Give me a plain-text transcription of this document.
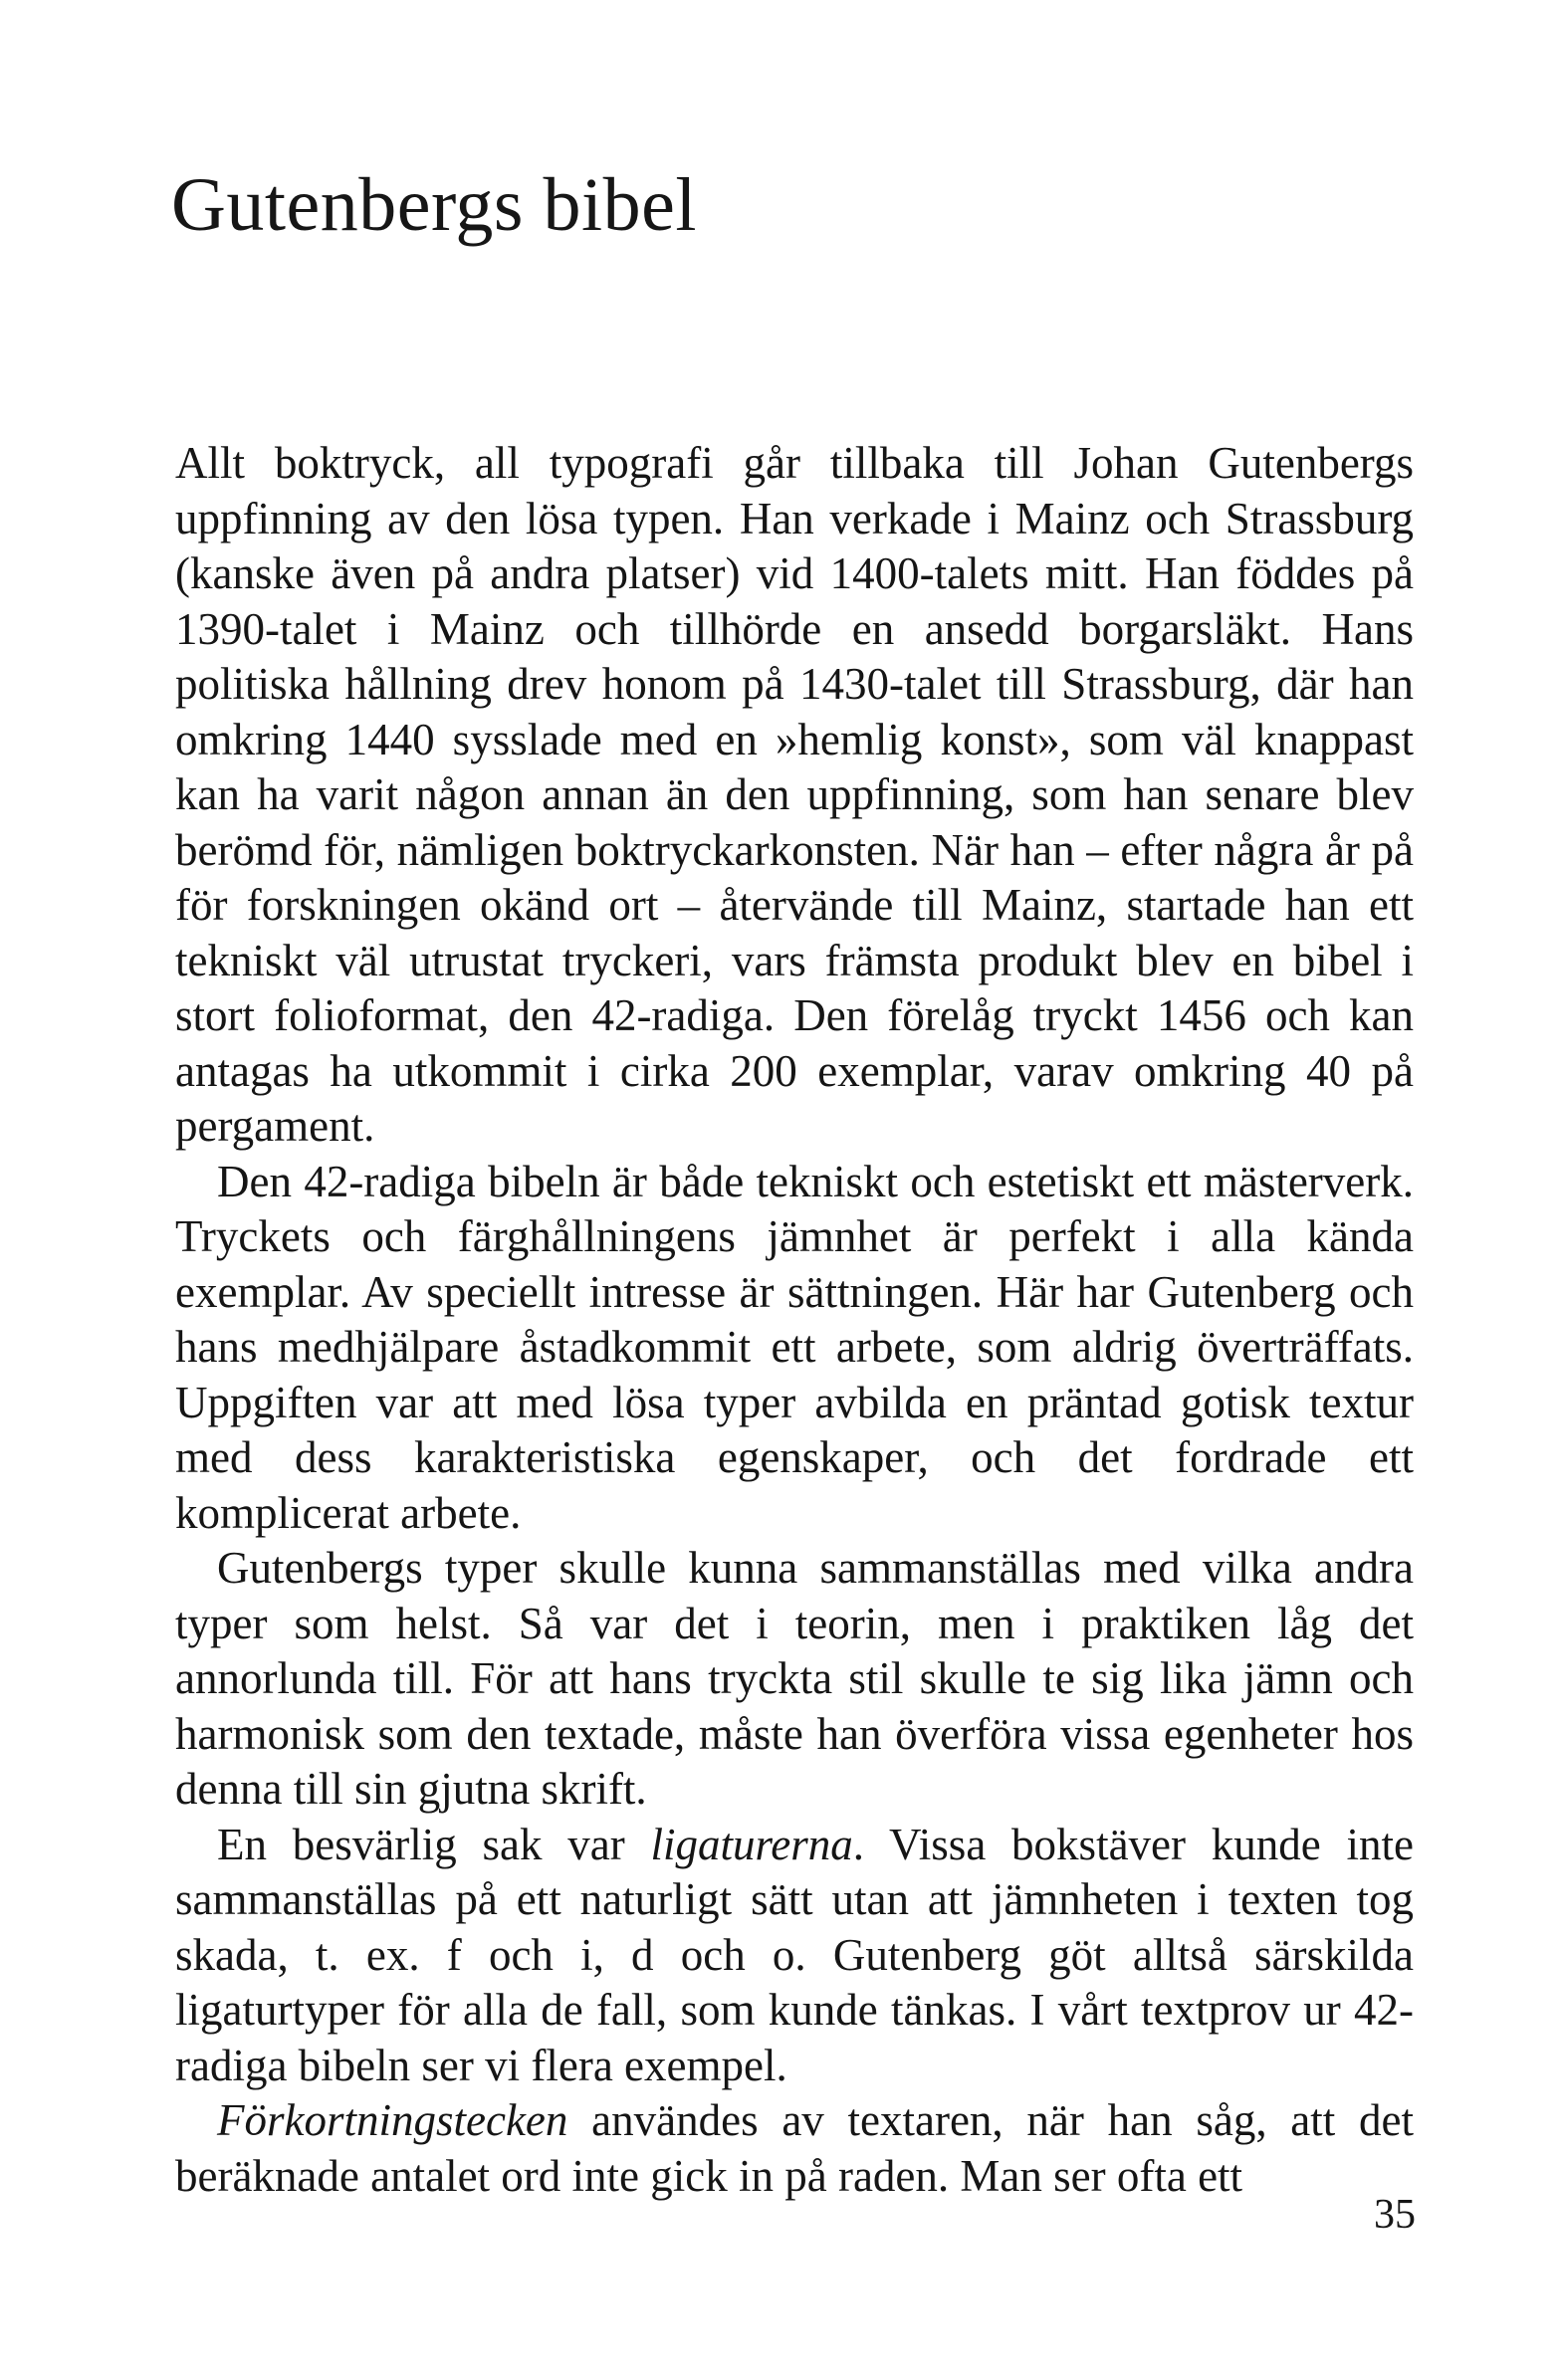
Gutenbergs bibel

Allt boktryck, all typografi går tillbaka till Johan Gutenbergs uppfinning av den lösa typen. Han verkade i Mainz och Strassburg (kanske även på andra platser) vid 1400-talets mitt. Han föddes på 1390-talet i Mainz och tillhörde en ansedd borgarsläkt. Hans politiska hållning drev honom på 1430-talet till Strassburg, där han omkring 1440 sysslade med en »hemlig konst», som väl knappast kan ha varit någon annan än den uppfinning, som han senare blev berömd för, nämligen boktryckarkonsten. När han – efter några år på för forskningen okänd ort – återvände till Mainz, startade han ett tekniskt väl utrustat tryckeri, vars främsta produkt blev en bibel i stort folioformat, den 42-radiga. Den förelåg tryckt 1456 och kan antagas ha utkommit i cirka 200 exemplar, varav omkring 40 på pergament.

Den 42-radiga bibeln är både tekniskt och estetiskt ett mästerverk. Tryckets och färghållningens jämnhet är perfekt i alla kända exemplar. Av speciellt intresse är sättningen. Här har Gutenberg och hans medhjälpare åstadkommit ett arbete, som aldrig överträffats. Uppgiften var att med lösa typer avbilda en präntad gotisk textur med dess karakteristiska egenskaper, och det fordrade ett komplicerat arbete.

Gutenbergs typer skulle kunna sammanställas med vilka andra typer som helst. Så var det i teorin, men i praktiken låg det annorlunda till. För att hans tryckta stil skulle te sig lika jämn och harmonisk som den textade, måste han överföra vissa egenheter hos denna till sin gjutna skrift.

En besvärlig sak var ligaturerna. Vissa bokstäver kunde inte sammanställas på ett naturligt sätt utan att jämnheten i texten tog skada, t. ex. f och i, d och o. Gutenberg göt alltså särskilda ligaturtyper för alla de fall, som kunde tänkas. I vårt textprov ur 42-radiga bibeln ser vi flera exempel.

Förkortningstecken användes av textaren, när han såg, att det beräknade antalet ord inte gick in på raden. Man ser ofta ett

35
